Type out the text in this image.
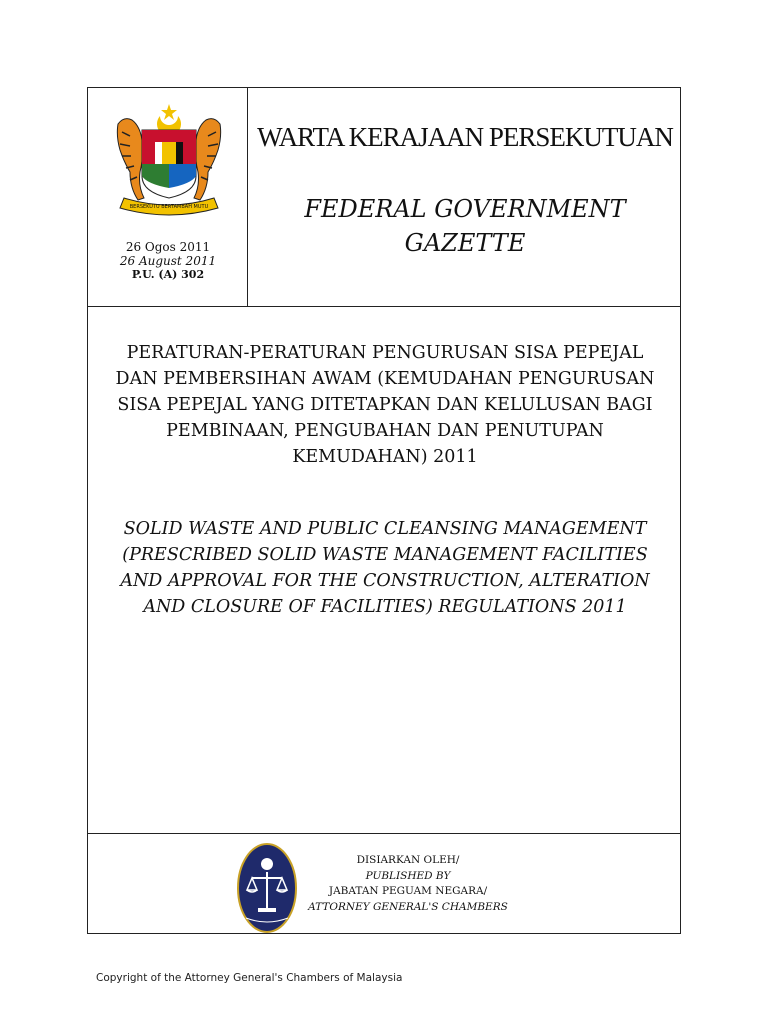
BERSEKUTU BERTAMBAH MUTU
26 Ogos 2011
26 August 2011
P.U. (A) 302
WARTA KERAJAAN PERSEKUTUAN
FEDERAL GOVERNMENT
GAZETTE
PERATURAN-PERATURAN PENGURUSAN SISA PEPEJAL
DAN PEMBERSIHAN AWAM (KEMUDAHAN PENGURUSAN
SISA PEPEJAL YANG DITETAPKAN DAN KELULUSAN BAGI
PEMBINAAN, PENGUBAHAN DAN PENUTUPAN
KEMUDAHAN) 2011
SOLID WASTE AND PUBLIC CLEANSING MANAGEMENT
(PRESCRIBED SOLID WASTE MANAGEMENT FACILITIES
AND APPROVAL FOR THE CONSTRUCTION, ALTERATION
AND CLOSURE OF FACILITIES) REGULATIONS 2011
DISIARKAN OLEH/
PUBLISHED BY
JABATAN PEGUAM NEGARA/
ATTORNEY GENERAL'S CHAMBERS
Copyright of the Attorney General's Chambers of Malaysia
